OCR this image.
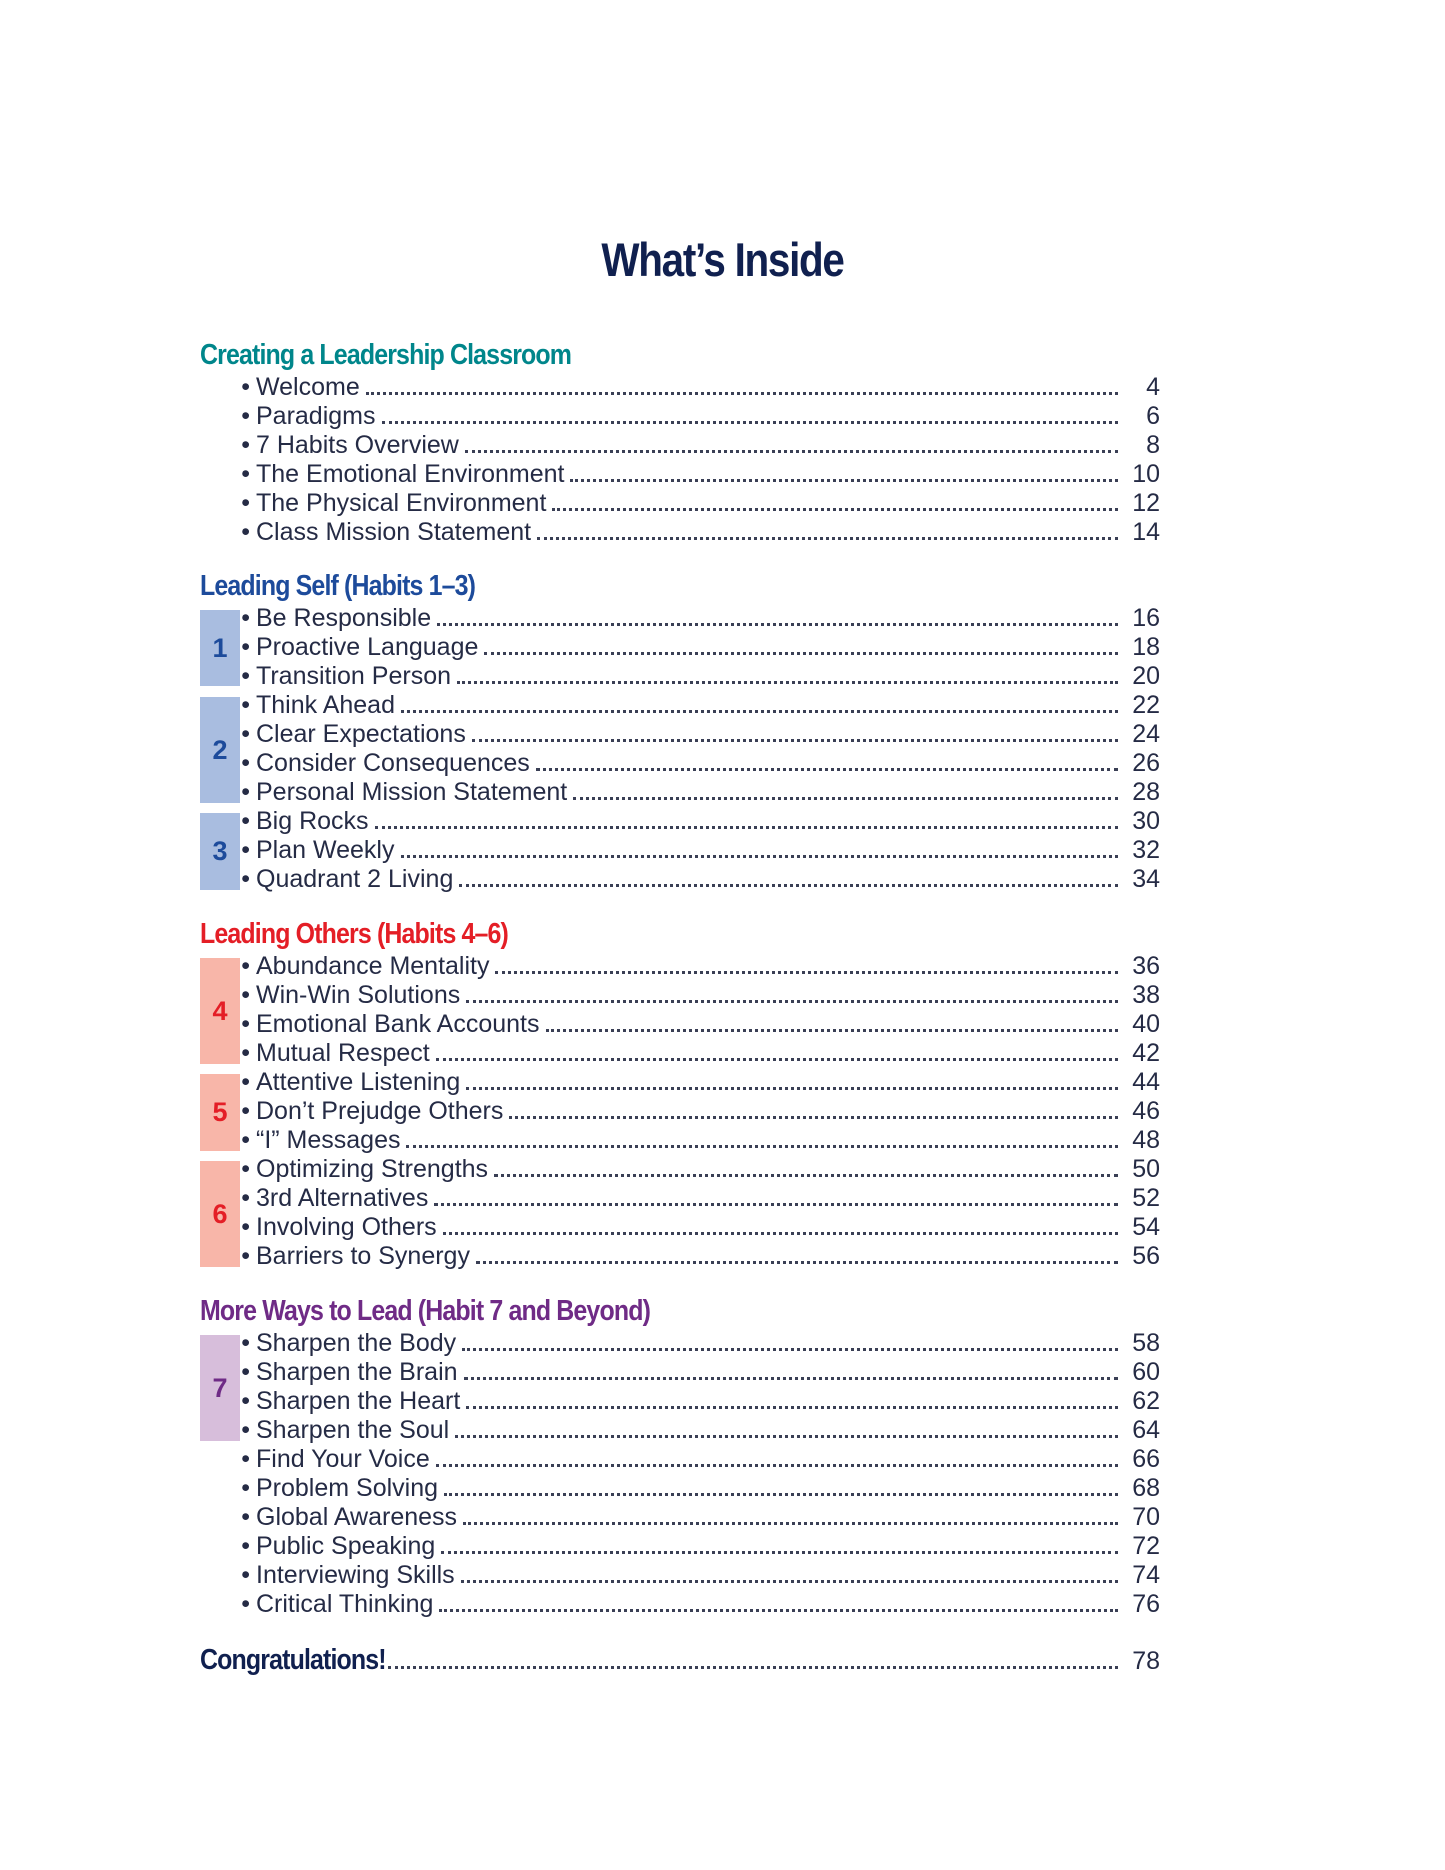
What’s Inside
Creating a Leadership Classroom
• Welcome	4
• Paradigms	6
• 7 Habits Overview	8
• The Emotional Environment	10
• The Physical Environment	12
• Class Mission Statement	14
Leading Self (Habits 1–3)
1
2
3
• Be Responsible	16
• Proactive Language	18
• Transition Person	20
• Think Ahead	22
• Clear Expectations	24
• Consider Consequences	26
• Personal Mission Statement	28
• Big Rocks	30
• Plan Weekly	32
• Quadrant 2 Living	34
Leading Others (Habits 4–6)
4
5
6
• Abundance Mentality	36
• Win-Win Solutions	38
• Emotional Bank Accounts	40
• Mutual Respect	42
• Attentive Listening	44
• Don’t Prejudge Others	46
• “I” Messages	48
• Optimizing Strengths	50
• 3rd Alternatives	52
• Involving Others	54
• Barriers to Synergy	56
More Ways to Lead (Habit 7 and Beyond)
7
• Sharpen the Body	58
• Sharpen the Brain	60
• Sharpen the Heart	62
• Sharpen the Soul	64
• Find Your Voice	66
• Problem Solving	68
• Global Awareness	70
• Public Speaking	72
• Interviewing Skills	74
• Critical Thinking	76
Congratulations!	78
